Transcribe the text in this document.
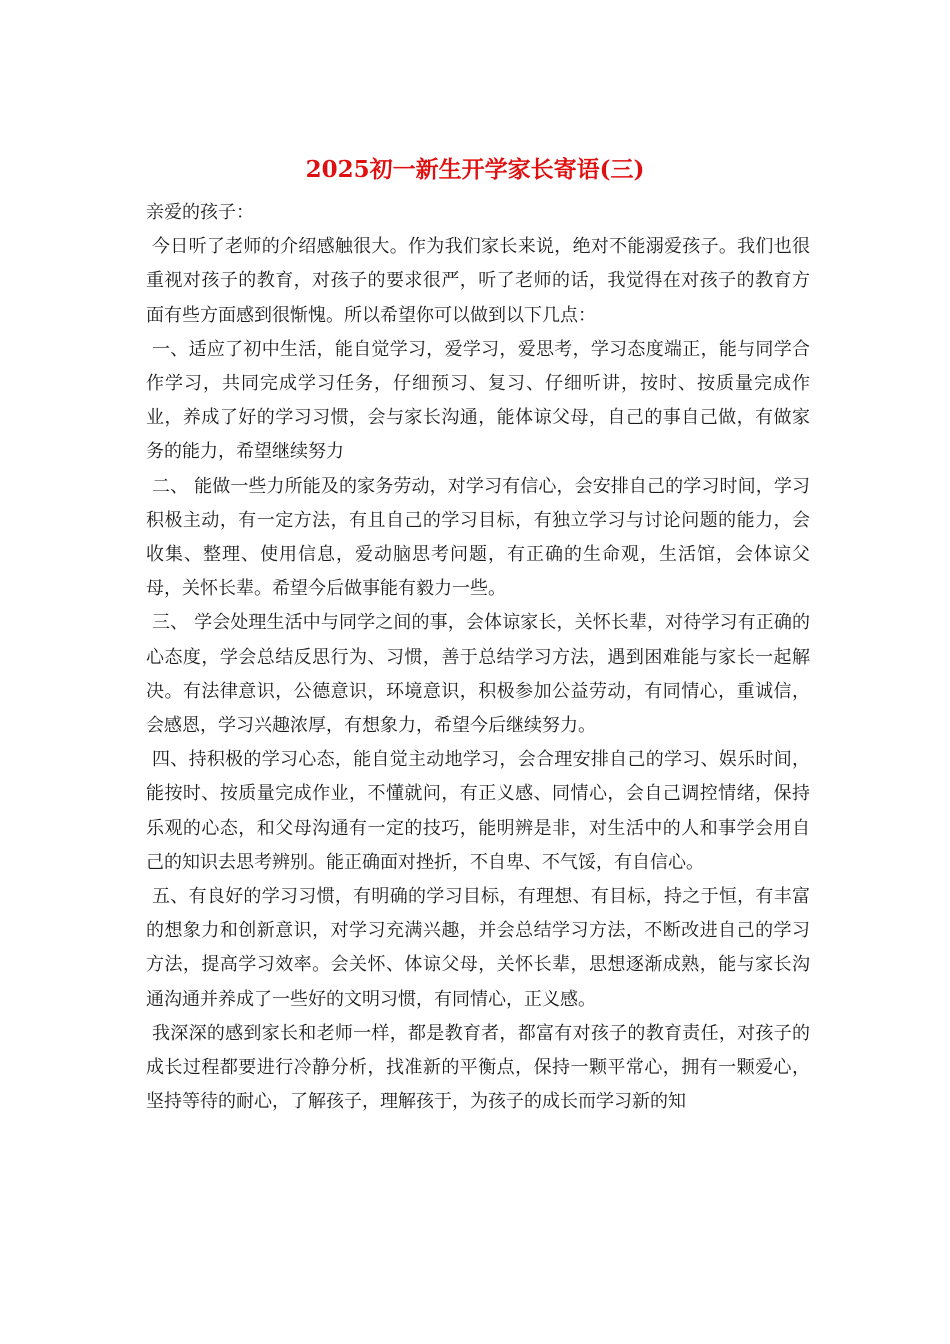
2025初一新生开学家长寄语(三)

亲爱的孩子：

今日听了老师的介绍感触很大。作为我们家长来说，绝对不能溺爱孩子。我们也很重视对孩子的教育，对孩子的要求很严，听了老师的话，我觉得在对孩子的教育方面有些方面感到很惭愧。所以希望你可以做到以下几点：

一、适应了初中生活，能自觉学习，爱学习，爱思考，学习态度端正，能与同学合作学习，共同完成学习任务，仔细预习、复习、仔细听讲，按时、按质量完成作业，养成了好的学习习惯，会与家长沟通，能体谅父母，自己的事自己做，有做家务的能力，希望继续努力

二、 能做一些力所能及的家务劳动，对学习有信心，会安排自己的学习时间，学习积极主动，有一定方法，有且自己的学习目标，有独立学习与讨论问题的能力，会收集、整理、使用信息，爱动脑思考问题，有正确的生命观，生活馆，会体谅父母，关怀长辈。希望今后做事能有毅力一些。

三、 学会处理生活中与同学之间的事，会体谅家长，关怀长辈，对待学习有正确的心态度，学会总结反思行为、习惯，善于总结学习方法，遇到困难能与家长一起解决。有法律意识，公德意识，环境意识，积极参加公益劳动，有同情心，重诚信，会感恩，学习兴趣浓厚，有想象力，希望今后继续努力。

四、持积极的学习心态，能自觉主动地学习，会合理安排自己的学习、娱乐时间，能按时、按质量完成作业，不懂就问，有正义感、同情心，会自己调控情绪，保持乐观的心态，和父母沟通有一定的技巧，能明辨是非，对生活中的人和事学会用自己的知识去思考辨别。能正确面对挫折，不自卑、不气馁，有自信心。

五、有良好的学习习惯，有明确的学习目标，有理想、有目标，持之于恒，有丰富的想象力和创新意识，对学习充满兴趣，并会总结学习方法，不断改进自己的学习方法，提高学习效率。会关怀、体谅父母，关怀长辈，思想逐渐成熟，能与家长沟通沟通并养成了一些好的文明习惯，有同情心，正义感。

我深深的感到家长和老师一样，都是教育者，都富有对孩子的教育责任，对孩子的成长过程都要进行冷静分析，找准新的平衡点，保持一颗平常心，拥有一颗爱心，坚持等待的耐心，了解孩子，理解孩于，为孩子的成长而学习新的知
